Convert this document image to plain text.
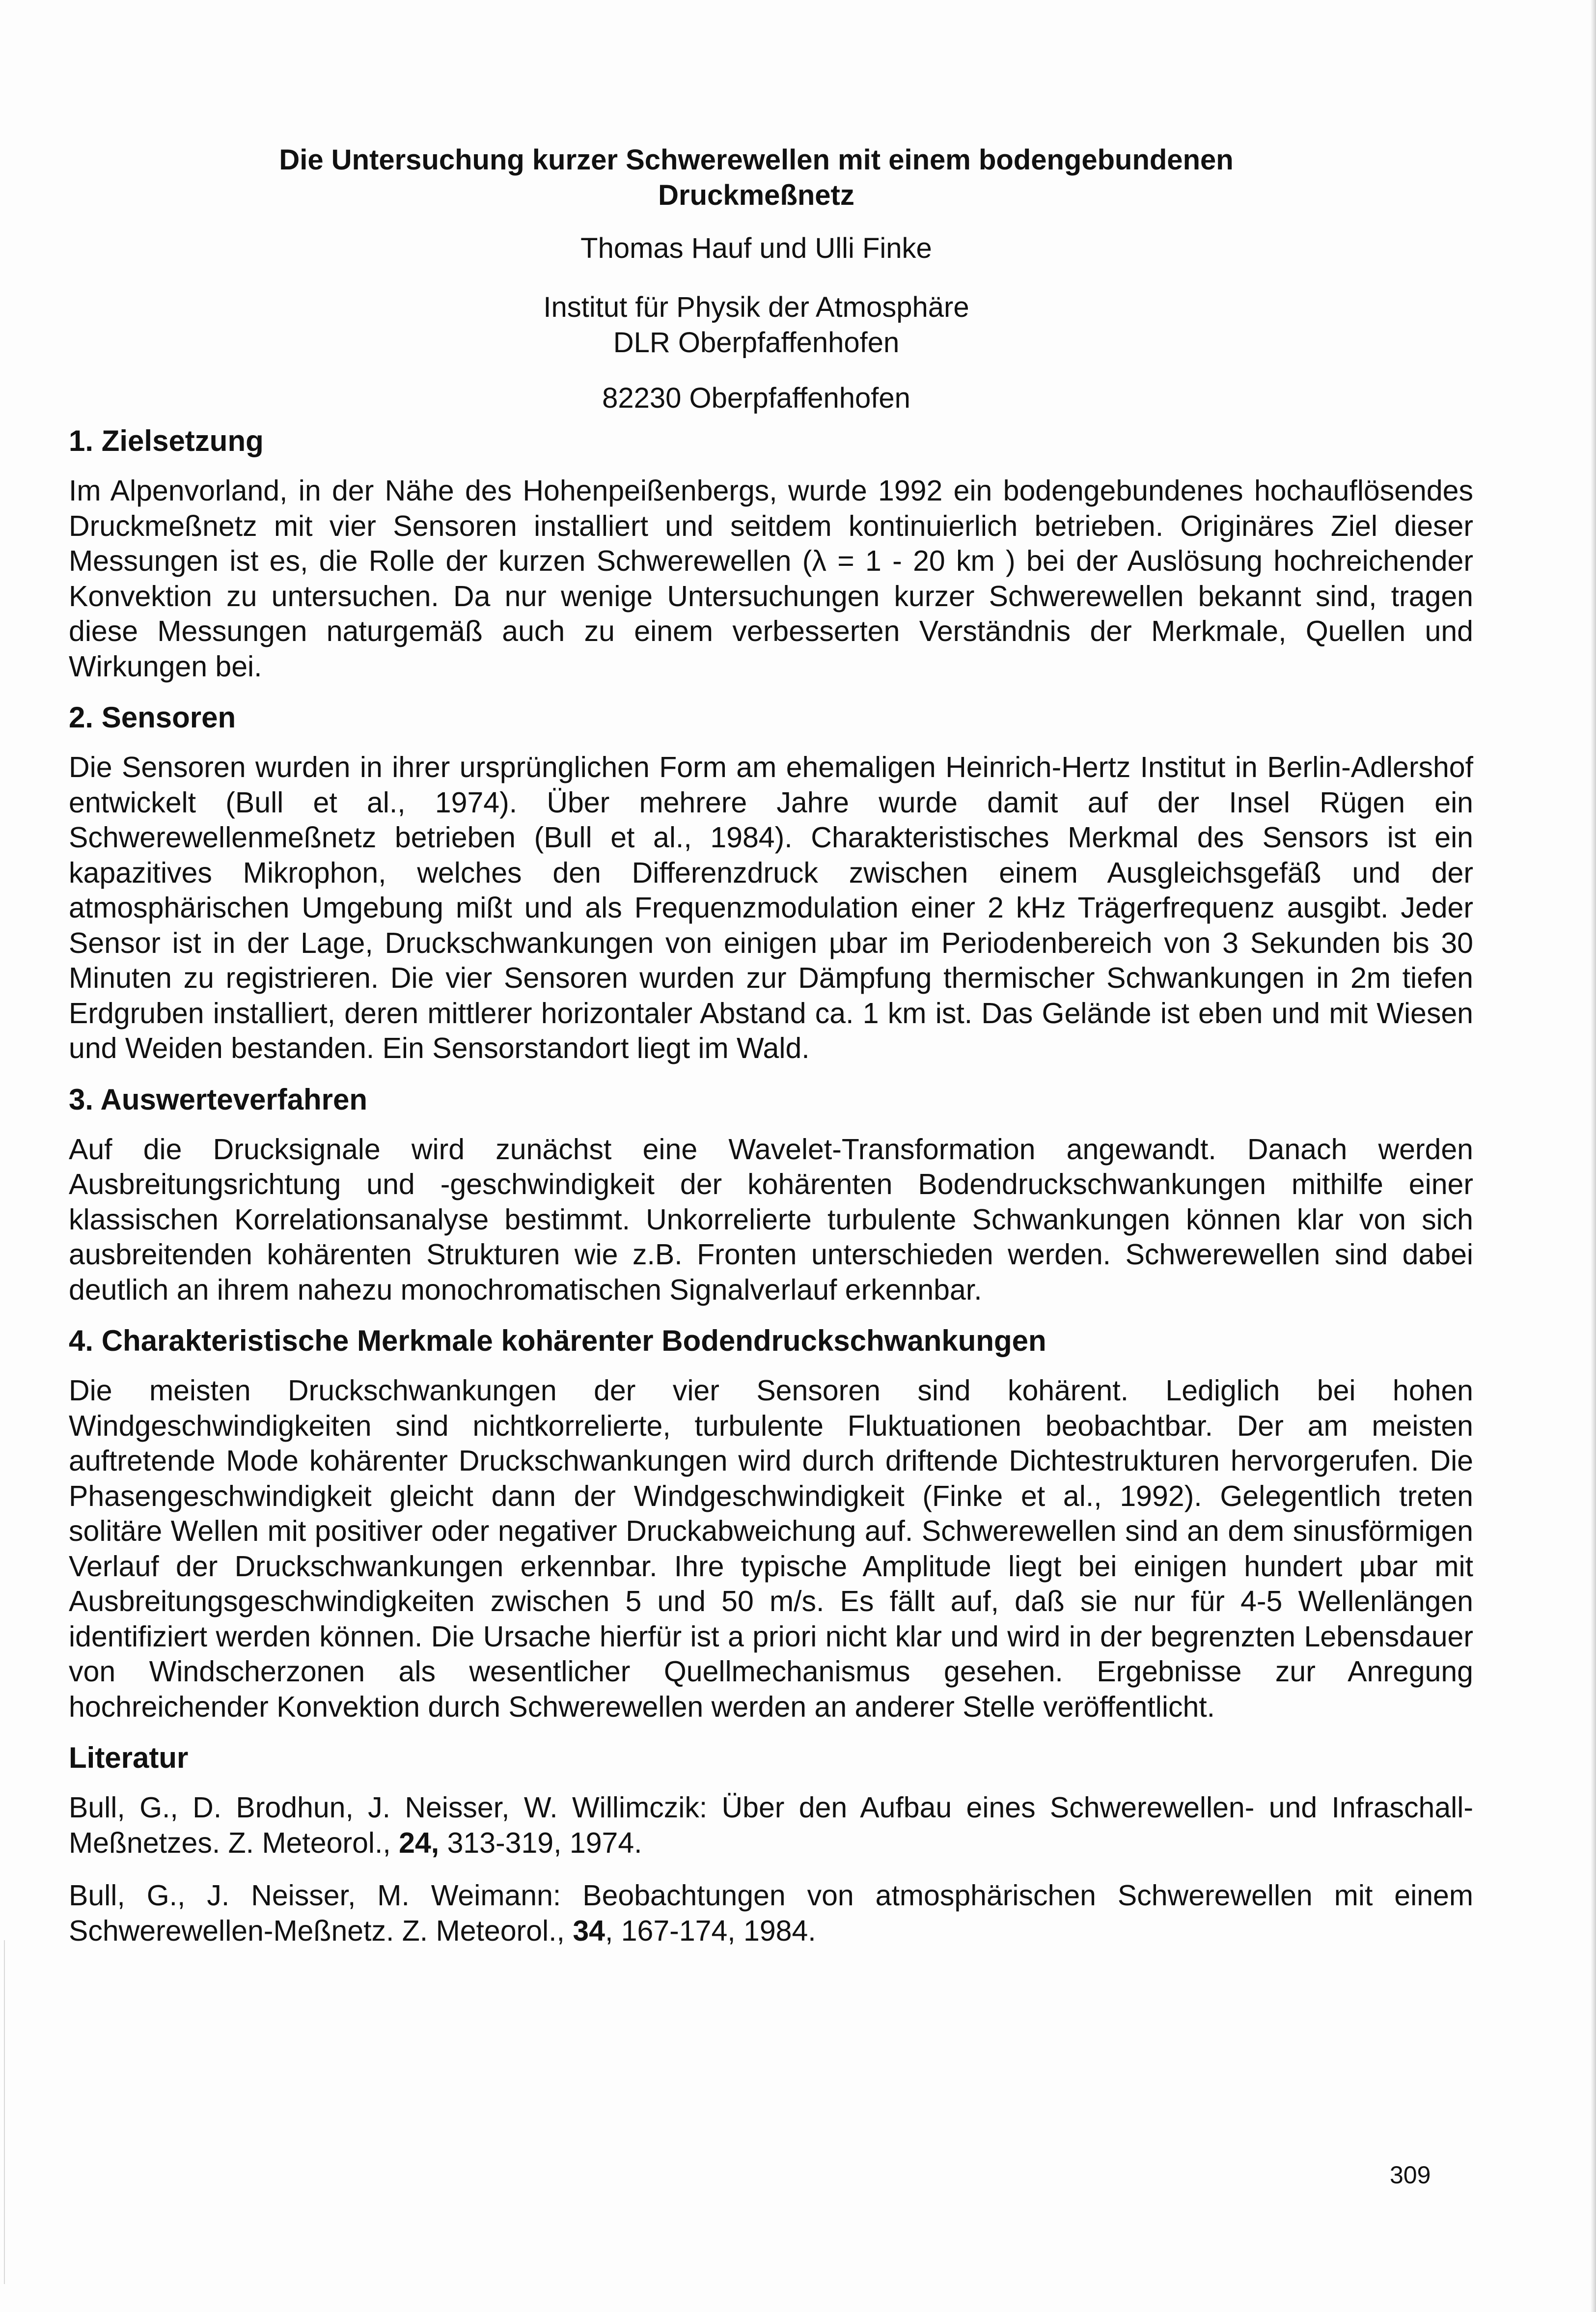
Die Untersuchung kurzer Schwerewellen mit einem bodengebundenen Druckmeßnetz
Thomas Hauf und Ulli Finke
Institut für Physik der Atmosphäre
DLR Oberpfaffenhofen
82230 Oberpfaffenhofen
1. Zielsetzung

Im Alpenvorland, in der Nähe des Hohenpeißenbergs, wurde 1992 ein bodengebundenes hochauflösendes Druckmeßnetz mit vier Sensoren installiert und seitdem kontinuierlich betrieben. Originäres Ziel dieser Messungen ist es, die Rolle der kurzen Schwerewellen (λ = 1 - 20 km ) bei der Auslösung hochreichender Konvektion zu untersuchen. Da nur wenige Untersuchungen kurzer Schwerewellen bekannt sind, tragen diese Messungen naturgemäß auch zu einem verbesserten Verständnis der Merkmale, Quellen und Wirkungen bei.

2. Sensoren

Die Sensoren wurden in ihrer ursprünglichen Form am ehemaligen Heinrich-Hertz Institut in Berlin-Adlershof entwickelt (Bull et al., 1974). Über mehrere Jahre wurde damit auf der Insel Rügen ein Schwerewellenmeßnetz betrieben (Bull et al., 1984). Charakteristisches Merkmal des Sensors ist ein kapazitives Mikrophon, welches den Differenzdruck zwischen einem Ausgleichsgefäß und der atmosphärischen Umgebung mißt und als Frequenzmodulation einer 2 kHz Trägerfrequenz ausgibt. Jeder Sensor ist in der Lage, Druckschwankungen von einigen µbar im Periodenbereich von 3 Sekunden bis 30 Minuten zu registrieren. Die vier Sensoren wurden zur Dämpfung thermischer Schwankungen in 2m tiefen Erdgruben installiert, deren mittlerer horizontaler Abstand ca. 1 km ist. Das Gelände ist eben und mit Wiesen und Weiden bestanden. Ein Sensorstandort liegt im Wald.

3. Auswerteverfahren

Auf die Drucksignale wird zunächst eine Wavelet-Transformation angewandt. Danach werden Ausbreitungsrichtung und -geschwindigkeit der kohärenten Bodendruckschwankungen mithilfe einer klassischen Korrelationsanalyse bestimmt. Unkorrelierte turbulente Schwankungen können klar von sich ausbreitenden kohärenten Strukturen wie z.B. Fronten unterschieden werden. Schwerewellen sind dabei deutlich an ihrem nahezu monochromatischen Signalverlauf erkennbar.

4. Charakteristische Merkmale kohärenter Bodendruckschwankungen

Die meisten Druckschwankungen der vier Sensoren sind kohärent. Lediglich bei hohen Windgeschwindigkeiten sind nichtkorrelierte, turbulente Fluktuationen beobachtbar. Der am meisten auftretende Mode kohärenter Druckschwankungen wird durch driftende Dichtestrukturen hervorgerufen. Die Phasengeschwindigkeit gleicht dann der Windgeschwindigkeit (Finke et al., 1992). Gelegentlich treten solitäre Wellen mit positiver oder negativer Druckabweichung auf. Schwerewellen sind an dem sinusförmigen Verlauf der Druckschwankungen erkennbar. Ihre typische Amplitude liegt bei einigen hundert µbar mit Ausbreitungsgeschwindigkeiten zwischen 5 und 50 m/s. Es fällt auf, daß sie nur für 4-5 Wellenlängen identifiziert werden können. Die Ursache hierfür ist a priori nicht klar und wird in der begrenzten Lebensdauer von Windscherzonen als wesentlicher Quellmechanismus gesehen. Ergebnisse zur Anregung hochreichender Konvektion durch Schwerewellen werden an anderer Stelle veröffentlicht.

Literatur

Bull, G., D. Brodhun, J. Neisser, W. Willimczik: Über den Aufbau eines Schwerewellen- und Infraschall-Meßnetzes. Z. Meteorol., 24, 313-319, 1974.

Bull, G., J. Neisser, M. Weimann: Beobachtungen von atmosphärischen Schwerewellen mit einem Schwerewellen-Meßnetz. Z. Meteorol., 34, 167-174, 1984.

309
